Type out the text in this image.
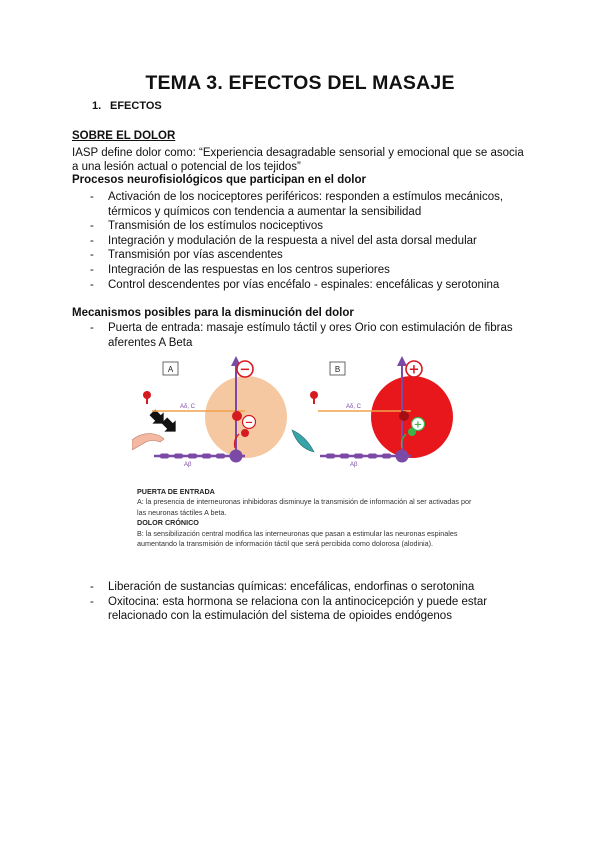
TEMA 3. EFECTOS DEL MASAJE
1. EFECTOS
SOBRE EL DOLOR
IASP define dolor como: “Experiencia desagradable sensorial y emocional que se asocia a una lesión actual o potencial de los tejidos”
Procesos neurofisiológicos que participan en el dolor
- Activación de los nociceptores periféricos: responden a estímulos mecánicos, térmicos y químicos con tendencia a aumentar la sensibilidad
- Transmisión de los estímulos nociceptivos
- Integración y modulación de la respuesta a nivel del asta dorsal medular
- Transmisión por vías ascendentes
- Integración de las respuestas en los centros superiores
- Control descendentes por vías encéfalo - espinales: encefálicas y serotonina
Mecanismos posibles para la disminución del dolor
- Puerta de entrada: masaje estímulo táctil y ores Orio con estimulación de fibras aferentes A Beta
A
Aδ, C
Aβ
−
−	B
Aδ, C
Aβ
+
+
PUERTA DE ENTRADA
A: la presencia de interneuronas inhibidoras disminuye la transmisión de información al ser activadas por las neuronas táctiles A beta.
DOLOR CRÓNICO
B: la sensibilización central modifica las interneuronas que pasan a estimular las neuronas espinales aumentando la transmisión de información táctil que será percibida como dolorosa (alodinia).
- Liberación de sustancias químicas: encefálicas, endorfinas o serotonina
- Oxitocina: esta hormona se relaciona con la antinocicepción y puede estar relacionado con la estimulación del sistema de opioides endógenos
